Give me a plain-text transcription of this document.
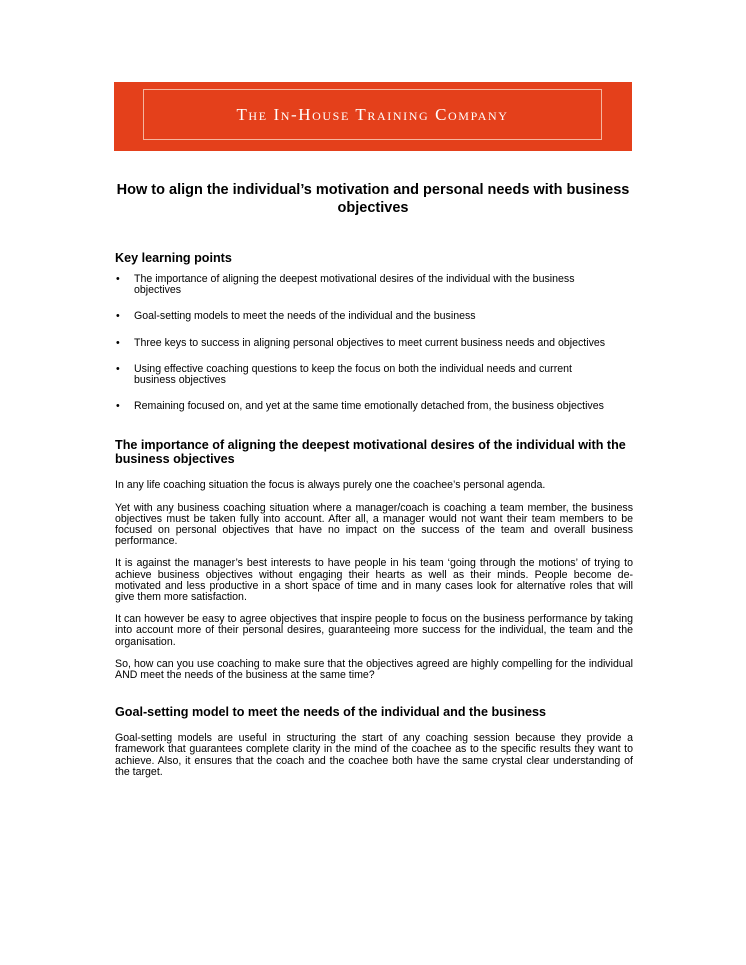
The In-House Training Company
How to align the individual’s motivation and personal needs with business objectives
Key learning points
• The importance of aligning the deepest motivational desires of the individual with the business objectives
• Goal-setting models to meet the needs of the individual and the business
• Three keys to success in aligning personal objectives to meet current business needs and objectives
• Using effective coaching questions to keep the focus on both the individual needs and current business objectives
• Remaining focused on, and yet at the same time emotionally detached from, the business objectives
The importance of aligning the deepest motivational desires of the individual with the business objectives

In any life coaching situation the focus is always purely one the coachee’s personal agenda.

Yet with any business coaching situation where a manager/coach is coaching a team member, the business objectives must be taken fully into account. After all, a manager would not want their team members to be focused on personal objectives that have no impact on the success of the team and overall business performance.

It is against the manager’s best interests to have people in his team ‘going through the motions’ of trying to achieve business objectives without engaging their hearts as well as their minds. People become de-motivated and less productive in a short space of time and in many cases look for alternative roles that will give them more satisfaction.

It can however be easy to agree objectives that inspire people to focus on the business performance by taking into account more of their personal desires, guaranteeing more success for the individual, the team and the organisation.

So, how can you use coaching to make sure that the objectives agreed are highly compelling for the individual AND meet the needs of the business at the same time?

Goal-setting model to meet the needs of the individual and the business

Goal-setting models are useful in structuring the start of any coaching session because they provide a framework that guarantees complete clarity in the mind of the coachee as to the specific results they want to achieve. Also, it ensures that the coach and the coachee both have the same crystal clear understanding of the target.
